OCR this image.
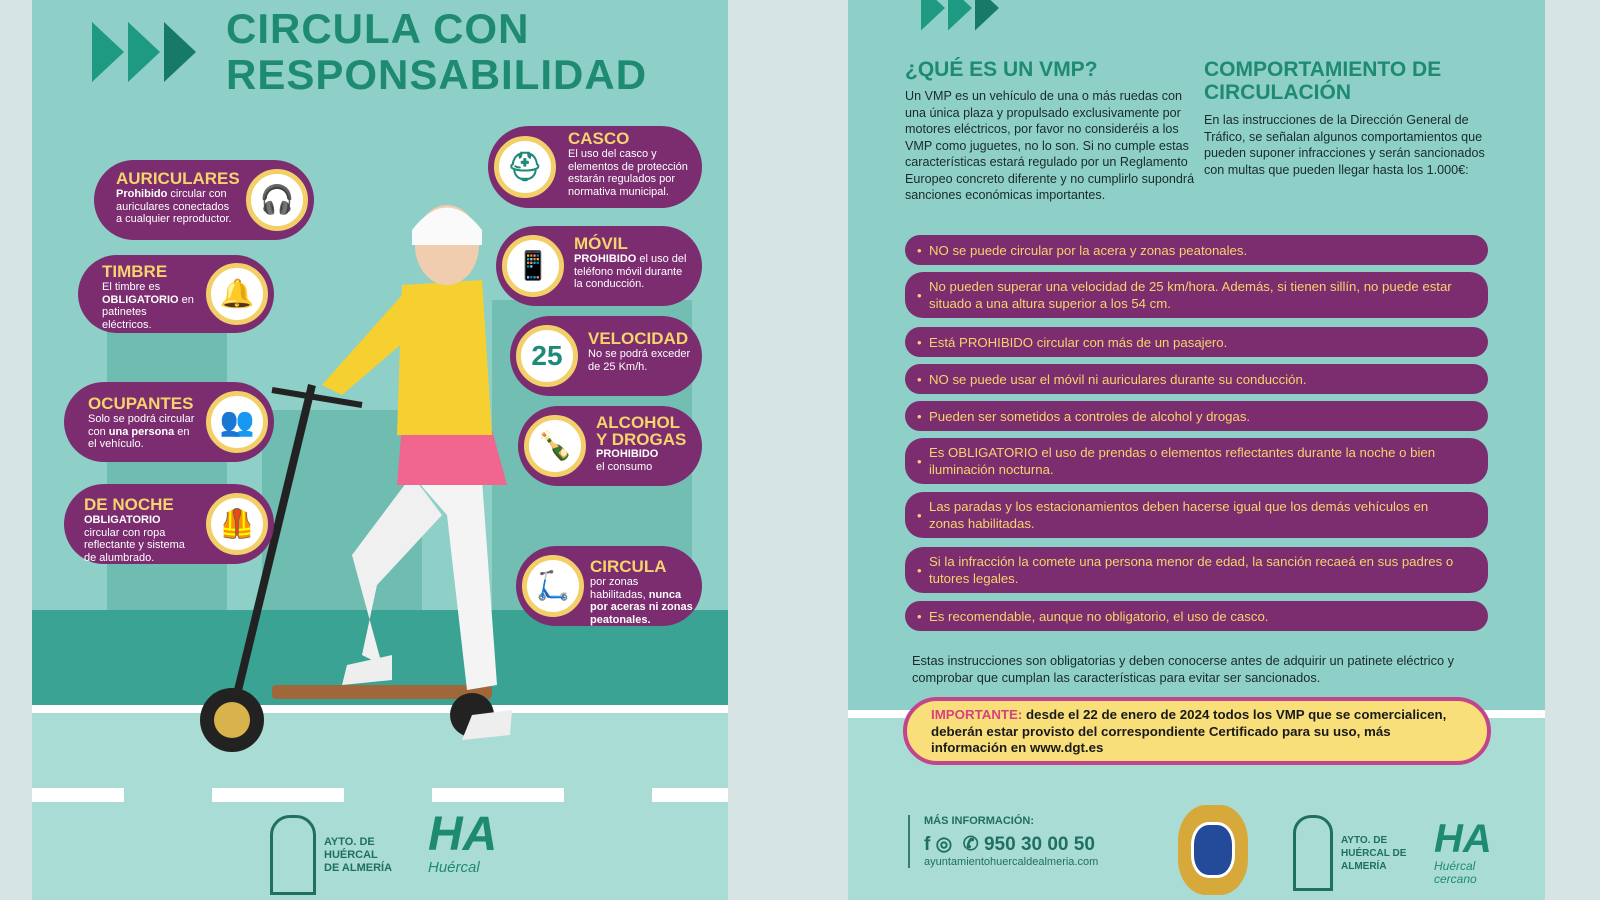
CIRCULA CON
RESPONSABILIDAD
AURICULARES
Prohibido circular con auriculares conectados a cualquier reproductor.
🎧
TIMBRE
El timbre es OBLIGATORIO en patinetes eléctricos.
🔔
OCUPANTES
Solo se podrá circular con una persona en el vehículo.
👥
DE NOCHE
OBLIGATORIO circular con ropa reflectante y sistema de alumbrado.
🦺
⛑
CASCO
El uso del casco y elementos de protección estarán regulados por normativa municipal.
📱
MÓVIL
PROHIBIDO el uso del teléfono móvil durante la conducción.
25
VELOCIDAD
No se podrá exceder de 25 Km/h.
🍾
ALCOHOL Y DROGAS
PROHIBIDO
el consumo
🛴
CIRCULA
por zonas habilitadas, nunca por aceras ni zonas peatonales.
AYTO. DE HUÉRCAL DE ALMERÍA
HA
Huércal
¿QUÉ ES UN VMP?
Un VMP es un vehículo de una o más ruedas con una única plaza y propulsado exclusivamente por motores eléctricos, por favor no consideréis a los VMP como juguetes, no lo son. Si no cumple estas características estará regulado por un Reglamento Europeo concreto diferente y no cumplirlo supondrá sanciones económicas importantes.
COMPORTAMIENTO DE CIRCULACIÓN
En las instrucciones de la Dirección General de Tráfico, se señalan algunos comportamientos que pueden suponer infracciones y serán sancionados con multas que pueden llegar hasta los 1.000€:
• NO se puede circular por la acera y zonas peatonales.
• No pueden superar una velocidad de 25 km/hora. Además, si tienen sillín, no puede estar situado a una altura superior a los 54 cm.
• Está PROHIBIDO circular con más de un pasajero.
• NO se puede usar el móvil ni auriculares durante su conducción.
• Pueden ser sometidos a controles de alcohol y drogas.
• Es OBLIGATORIO el uso de prendas o elementos reflectantes durante la noche o bien iluminación nocturna.
• Las paradas y los estacionamientos deben hacerse igual que los demás vehículos en zonas habilitadas.
• Si la infracción la comete una persona menor de edad, la sanción recaeá en sus padres o tutores legales.
• Es recomendable, aunque no obligatorio, el uso de casco.
Estas instrucciones son obligatorias y deben conocerse antes de adquirir un patinete eléctrico y comprobar que cumplan las características para evitar ser sancionados.
IMPORTANTE: desde el 22 de enero de 2024 todos los VMP que se comercialicen, deberán estar provisto del correspondiente Certificado para su uso, más información en www.dgt.es
MÁS INFORMACIÓN:
f ◎ ✆ 950 30 00 50
ayuntamientohuercaldealmeria.com
AYTO. DE HUÉRCAL DE ALMERÍA
HA
Huércal cercano
